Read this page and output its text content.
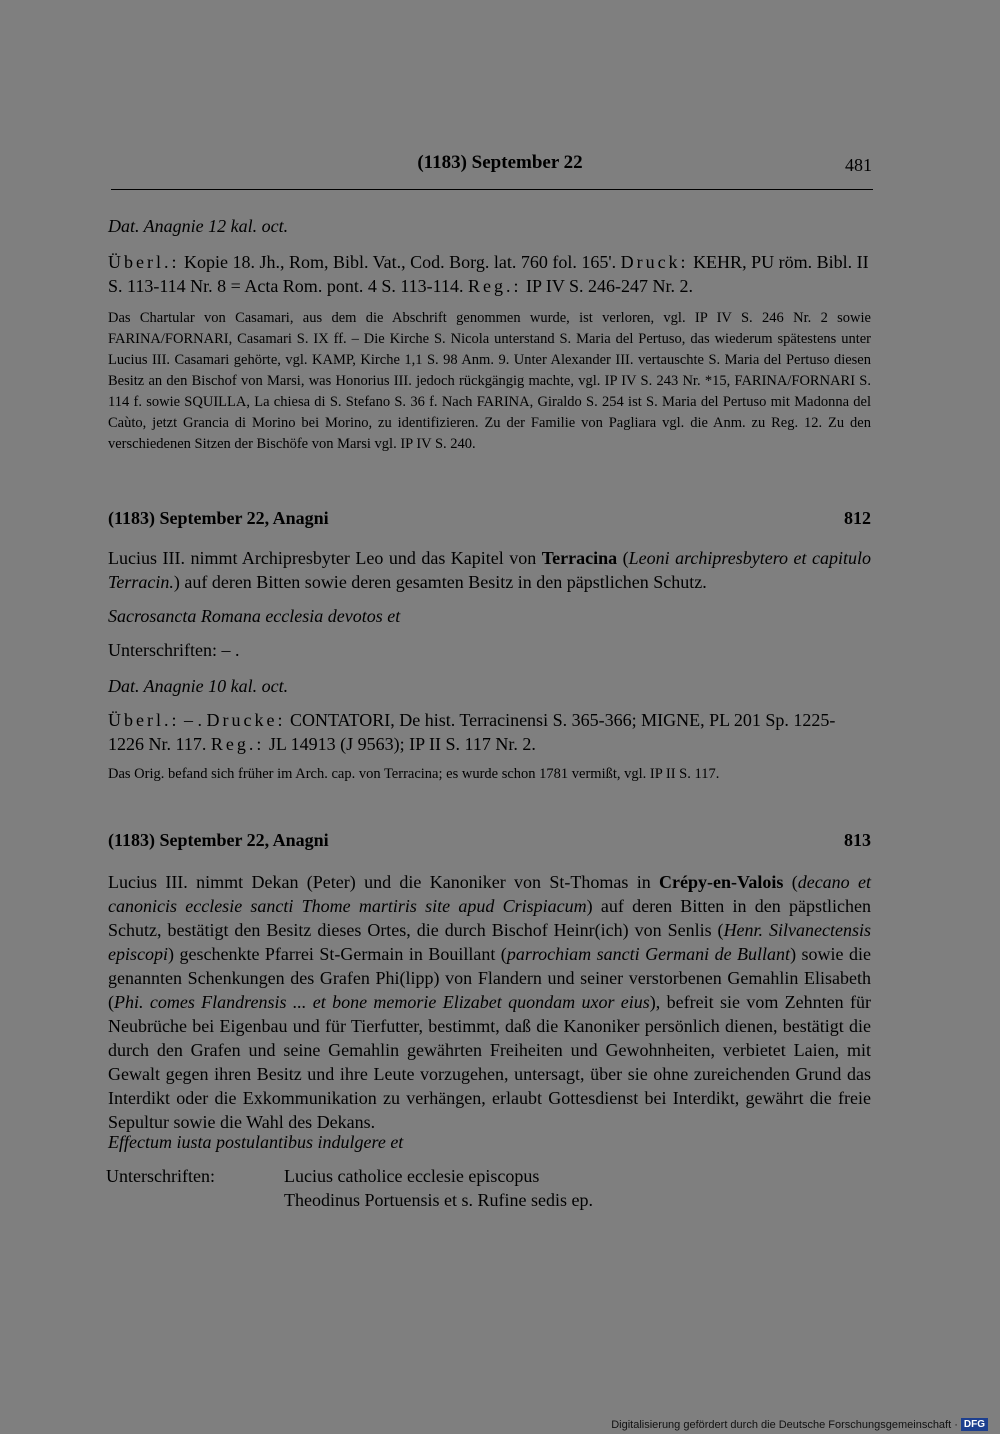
(1183) September 22	481
Dat. Anagnie 12 kal. oct.
Überl.: Kopie 18. Jh., Rom, Bibl. Vat., Cod. Borg. lat. 760 fol. 165'. Druck: KEHR, PU röm. Bibl. II S. 113-114 Nr. 8 = Acta Rom. pont. 4 S. 113-114. Reg.: IP IV S. 246-247 Nr. 2.
Das Chartular von Casamari, aus dem die Abschrift genommen wurde, ist verloren, vgl. IP IV S. 246 Nr. 2 sowie FARINA/FORNARI, Casamari S. IX ff. – Die Kirche S. Nicola unterstand S. Maria del Pertuso, das wiederum spätestens unter Lucius III. Casamari gehörte, vgl. KAMP, Kirche 1,1 S. 98 Anm. 9. Unter Alexander III. vertauschte S. Maria del Pertuso diesen Besitz an den Bischof von Marsi, was Honorius III. jedoch rückgängig machte, vgl. IP IV S. 243 Nr. *15, FARINA/FORNARI S. 114 f. sowie SQUILLA, La chiesa di S. Stefano S. 36 f. Nach FARINA, Giraldo S. 254 ist S. Maria del Pertuso mit Madonna del Caùto, jetzt Grancia di Morino bei Morino, zu identifizieren. Zu der Familie von Pagliara vgl. die Anm. zu Reg. 12. Zu den verschiedenen Sitzen der Bischöfe von Marsi vgl. IP IV S. 240.
(1183) September 22, Anagni	812
Lucius III. nimmt Archipresbyter Leo und das Kapitel von Terracina (Leoni archipresbytero et capitulo Terracin.) auf deren Bitten sowie deren gesamten Besitz in den päpstlichen Schutz.
Sacrosancta Romana ecclesia devotos et
Unterschriften: – .
Dat. Anagnie 10 kal. oct.
Überl.: – . Drucke: CONTATORI, De hist. Terracinensi S. 365-366; MIGNE, PL 201 Sp. 1225-1226 Nr. 117. Reg.: JL 14913 (J 9563); IP II S. 117 Nr. 2.
Das Orig. befand sich früher im Arch. cap. von Terracina; es wurde schon 1781 vermißt, vgl. IP II S. 117.
(1183) September 22, Anagni	813
Lucius III. nimmt Dekan (Peter) und die Kanoniker von St-Thomas in Crépy-en-Valois (decano et canonicis ecclesie sancti Thome martiris site apud Crispiacum) auf deren Bitten in den päpstlichen Schutz, bestätigt den Besitz dieses Ortes, die durch Bischof Heinr(ich) von Senlis (Henr. Silvanectensis episcopi) geschenkte Pfarrei St-Germain in Bouillant (parrochiam sancti Germani de Bullant) sowie die genannten Schenkungen des Grafen Phi(lipp) von Flandern und seiner verstorbenen Gemahlin Elisabeth (Phi. comes Flandrensis ... et bone memorie Elizabet quondam uxor eius), befreit sie vom Zehnten für Neubrüche bei Eigenbau und für Tierfutter, bestimmt, daß die Kanoniker persönlich dienen, bestätigt die durch den Grafen und seine Gemahlin gewährten Freiheiten und Gewohnheiten, verbietet Laien, mit Gewalt gegen ihren Besitz und ihre Leute vorzugehen, untersagt, über sie ohne zureichenden Grund das Interdikt oder die Exkommunikation zu verhängen, erlaubt Gottesdienst bei Interdikt, gewährt die freie Sepultur sowie die Wahl des Dekans.
Effectum iusta postulantibus indulgere et
Unterschriften:	Lucius catholice ecclesie episcopus
Theodinus Portuensis et s. Rufine sedis ep.
Digitalisierung gefördert durch die Deutsche Forschungsgemeinschaft · DFG
